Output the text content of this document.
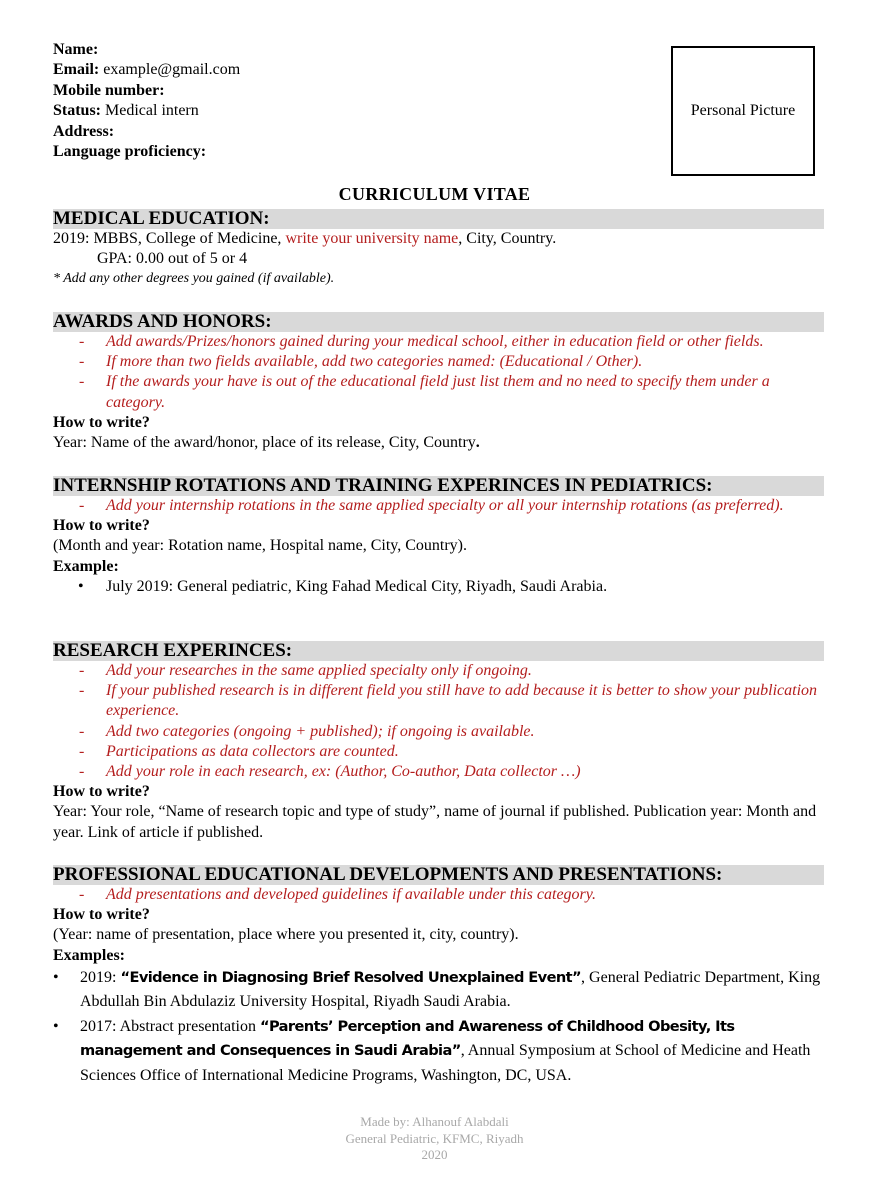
Name:
Email: example@gmail.com
Mobile number:
Status: Medical intern
Address:
Language proficiency:
Personal Picture
CURRICULUM VITAE
MEDICAL EDUCATION:
2019: MBBS, College of Medicine, write your university name, City, Country.
GPA: 0.00 out of 5 or 4
* Add any other degrees you gained (if available).
AWARDS AND HONORS:
- Add awards/Prizes/honors gained during your medical school, either in education field or other fields.
- If more than two fields available, add two categories named: (Educational / Other).
- If the awards your have is out of the educational field just list them and no need to specify them under a category.
How to write?
Year: Name of the award/honor, place of its release, City, Country.
INTERNSHIP ROTATIONS AND TRAINING EXPERINCES IN PEDIATRICS:
- Add your internship rotations in the same applied specialty or all your internship rotations (as preferred).
How to write?
(Month and year: Rotation name, Hospital name, City, Country).
Example:
• July 2019: General pediatric, King Fahad Medical City, Riyadh, Saudi Arabia.
RESEARCH EXPERINCES:
- Add your researches in the same applied specialty only if ongoing.
- If your published research is in different field you still have to add because it is better to show your publication experience.
- Add two categories (ongoing + published); if ongoing is available.
- Participations as data collectors are counted.
- Add your role in each research, ex: (Author, Co-author, Data collector …)
How to write?
Year: Your role, “Name of research topic and type of study”, name of journal if published. Publication year: Month and year. Link of article if published.
PROFESSIONAL EDUCATIONAL DEVELOPMENTS AND PRESENTATIONS:
- Add presentations and developed guidelines if available under this category.
How to write?
(Year: name of presentation, place where you presented it, city, country).
Examples:
• 2019: “Evidence in Diagnosing Brief Resolved Unexplained Event”, General Pediatric Department, King Abdullah Bin Abdulaziz University Hospital, Riyadh Saudi Arabia.
• 2017: Abstract presentation “Parents’ Perception and Awareness of Childhood Obesity, Its management and Consequences in Saudi Arabia”, Annual Symposium at School of Medicine and Heath Sciences Office of International Medicine Programs, Washington, DC, USA.
Made by: Alhanouf Alabdali
General Pediatric, KFMC, Riyadh
2020
